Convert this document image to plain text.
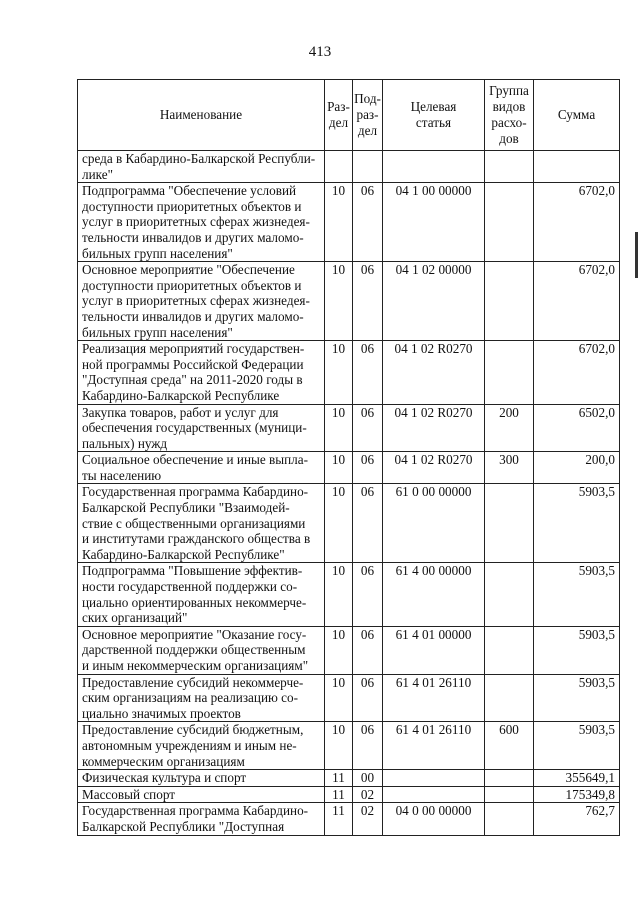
413
Наименование	Раз-
дел	Под-
раз-
дел	Целевая
статья	Группа
видов
расхо-
дов	Сумма
среда в Кабардино-Балкарской Республи-
лике"					
Подпрограмма "Обеспечение условий
доступности приоритетных объектов и
услуг в приоритетных сферах жизнедея-
тельности инвалидов и других маломо-
бильных групп населения"	10	06	04 1 00 00000		6702,0
Основное мероприятие "Обеспечение
доступности приоритетных объектов и
услуг в приоритетных сферах жизнедея-
тельности инвалидов и других маломо-
бильных групп населения"	10	06	04 1 02 00000		6702,0
Реализация мероприятий государствен-
ной программы Российской Федерации
"Доступная среда" на 2011-2020 годы в
Кабардино-Балкарской Республике	10	06	04 1 02 R0270		6702,0
Закупка товаров, работ и услуг для
обеспечения государственных (муници-
пальных) нужд	10	06	04 1 02 R0270	200	6502,0
Социальное обеспечение и иные выпла-
ты населению	10	06	04 1 02 R0270	300	200,0
Государственная программа Кабардино-
Балкарской Республики "Взаимодей-
ствие с общественными организациями
и институтами гражданского общества в
Кабардино-Балкарской Республике"	10	06	61 0 00 00000		5903,5
Подпрограмма "Повышение эффектив-
ности государственной поддержки со-
циально ориентированных некоммерче-
ских организаций"	10	06	61 4 00 00000		5903,5
Основное мероприятие "Оказание госу-
дарственной поддержки общественным
и иным некоммерческим организациям"	10	06	61 4 01 00000		5903,5
Предоставление субсидий некоммерче-
ским организациям на реализацию со-
циально значимых проектов	10	06	61 4 01 26110		5903,5
Предоставление субсидий бюджетным,
автономным учреждениям и иным не-
коммерческим организациям	10	06	61 4 01 26110	600	5903,5
Физическая культура и спорт	11	00			355649,1
Массовый спорт	11	02			175349,8
Государственная программа Кабардино-
Балкарской Республики "Доступная	11	02	04 0 00 00000		762,7
